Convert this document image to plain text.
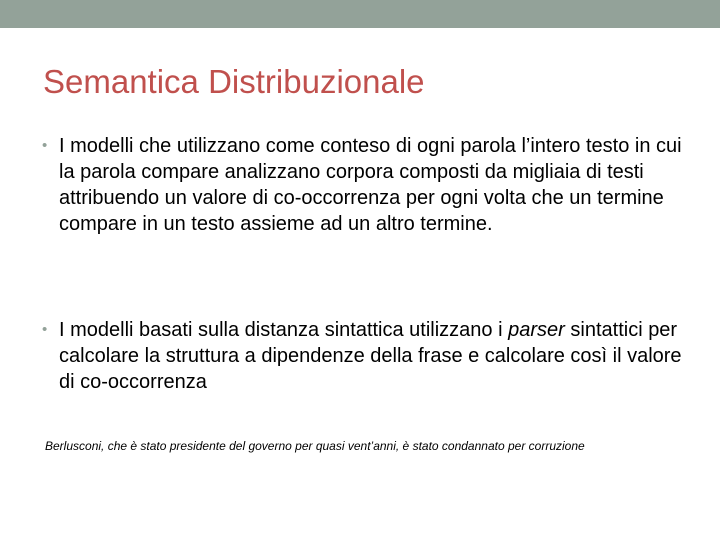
Semantica Distribuzionale

• I modelli che utilizzano come conteso di ogni parola l’intero testo in cui la parola compare analizzano corpora composti da migliaia di testi attribuendo un valore di co-occorrenza per ogni volta che un termine compare in un testo assieme ad un altro termine.

• I modelli basati sulla distanza sintattica utilizzano i parser sintattici per calcolare la struttura a dipendenze della frase e calcolare così il valore di co-occorrenza

Berlusconi, che è stato presidente del governo per quasi vent’anni, è stato condannato per corruzione
